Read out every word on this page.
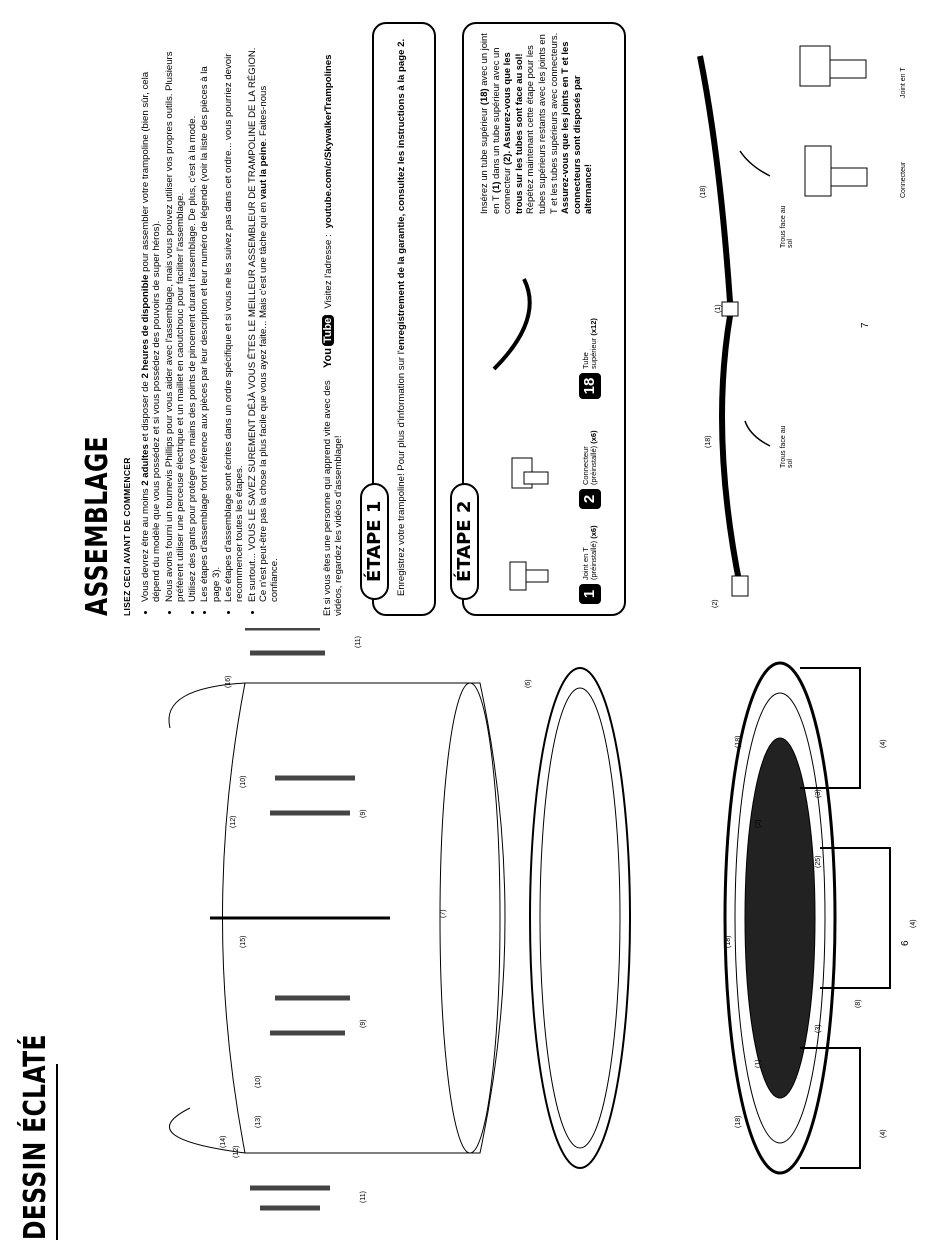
DESSIN ÉCLATÉ	(12)
(14)
(10)
(13)
(15)
(12)
(10)
(16)
(11)
(9)
(9)
(11)
(7)
(6)
(18)
(18)
(18)
(1)
(2)
(4)
(4)
(4)
(3)
(3)
(25)
(8)
6
ASSEMBLAGE LISEZ CECI AVANT DE COMMENCER • Vous devrez être au moins 2 adultes et disposer de 2 heures de disponible pour assembler votre trampoline (bien sûr, cela dépend du modèle que vous possédez et si vous possédez des pouvoirs de super héros). • Nous avons fourni un tournevis Phillips pour vous aider avec l'assemblage, mais vous pouvez utiliser vos propres outils. Plusieurs préfèrent utiliser une perceuse électrique et un maillet en caoutchouc pour faciliter l'assemblage. • Utilisez des gants pour protéger vos mains des points de pincement durant l'assemblage. De plus, c'est à la mode. • Les étapes d'assemblage font référence aux pièces par leur description et leur numéro de légende (voir la liste des pièces à la page 3). • Les étapes d'assemblage sont écrites dans un ordre spécifique et si vous ne les suivez pas dans cet ordre... vous pourriez devoir recommencer toutes les étapes. • Et surtout... VOUS LE SAVEZ SUREMENT DÉJÀ VOUS ÊTES LE MEILLEUR ASSEMBLEUR DE TRAMPOLINE DE LA RÉGION. Ce n'est peut-être pas la chose la plus facile que vous ayez faite... Mais c'est une tâche qui en vaut la peine. Faites-nous confiance.	Et si vous êtes une personne qui apprend vite avec des vidéos, regardez les vidéos d'assemblage!
You
Tube
Visitez l'adresse :
youtube.com/c/SkywalkerTrampolines
ÉTAPE 1	Enregistrez votre trampoline! Pour plus d'information sur l'enregistrement de la garantie, consultez les instructions à la page 2.
ÉTAPE 2
1
Joint en T
(préinstallé) (x6)
2
Connecteur
(préinstallé) (x6)
18
Tube
supérieur (x12)
Insérez un tube supérieur (18) avec un joint en T (1) dans un tube supérieur avec un connecteur (2). Assurez-vous que les trous sur les tubes sont face au sol! Répétez maintenant cette étape pour les tubes supérieurs restants avec les joints en T et les tubes supérieurs avec connecteurs. Assurez-vous que les joints en T et les connecteurs sont disposés par alternance!
(18)
(18)
(1)
(2)
Trous face au sol
Trous face au sol
Joint en T
Connecteur
7
